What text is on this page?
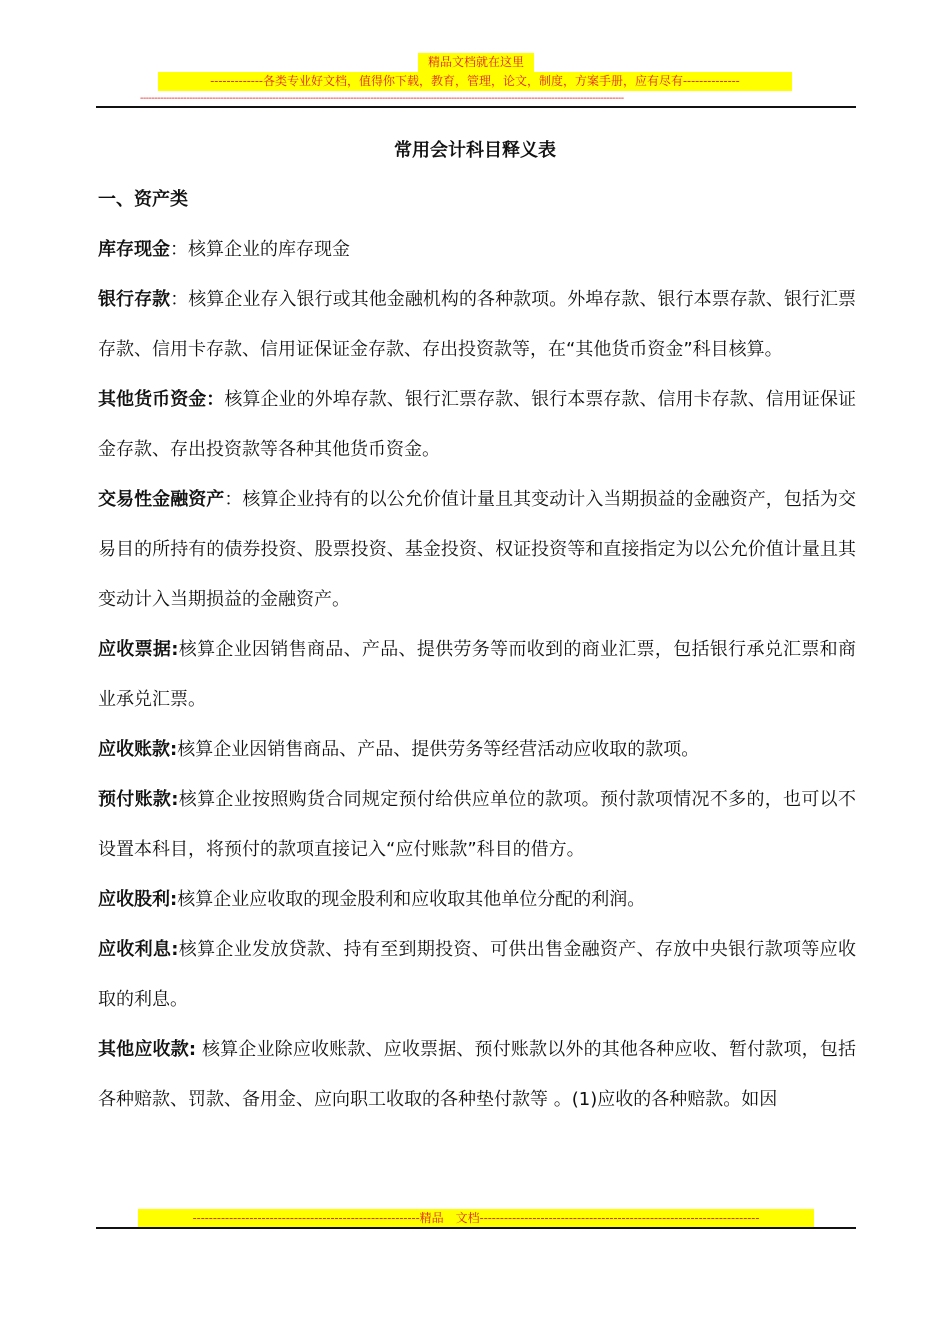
精品文档就在这里
-------------各类专业好文档，值得你下载，教育，管理，论文，制度，方案手册，应有尽有--------------
------------------------------------------------------------------------------------------------------------------------------------------------------------------------
常用会计科目释义表
一、资产类

库存现金：核算企业的库存现金

银行存款：核算企业存入银行或其他金融机构的各种款项。外埠存款、银行本票存款、银行汇票存款、信用卡存款、信用证保证金存款、存出投资款等，在“其他货币资金”科目核算。

其他货币资金：核算企业的外埠存款、银行汇票存款、银行本票存款、信用卡存款、信用证保证金存款、存出投资款等各种其他货币资金。

交易性金融资产：核算企业持有的以公允价值计量且其变动计入当期损益的金融资产，包括为交易目的所持有的债券投资、股票投资、基金投资、权证投资等和直接指定为以公允价值计量且其变动计入当期损益的金融资产。

应收票据:核算企业因销售商品、产品、提供劳务等而收到的商业汇票，包括银行承兑汇票和商业承兑汇票。

应收账款:核算企业因销售商品、产品、提供劳务等经营活动应收取的款项。

预付账款:核算企业按照购货合同规定预付给供应单位的款项。预付款项情况不多的，也可以不设置本科目，将预付的款项直接记入“应付账款”科目的借方。

应收股利:核算企业应收取的现金股利和应收取其他单位分配的利润。

应收利息:核算企业发放贷款、持有至到期投资、可供出售金融资产、存放中央银行款项等应收取的利息。

其他应收款: 核算企业除应收账款、应收票据、预付账款以外的其他各种应收、暂付款项，包括各种赔款、罚款、备用金、应向职工收取的各种垫付款等 。(1)应收的各种赔款。如因

--------------------------------------------------------精品　文档---------------------------------------------------------------------
